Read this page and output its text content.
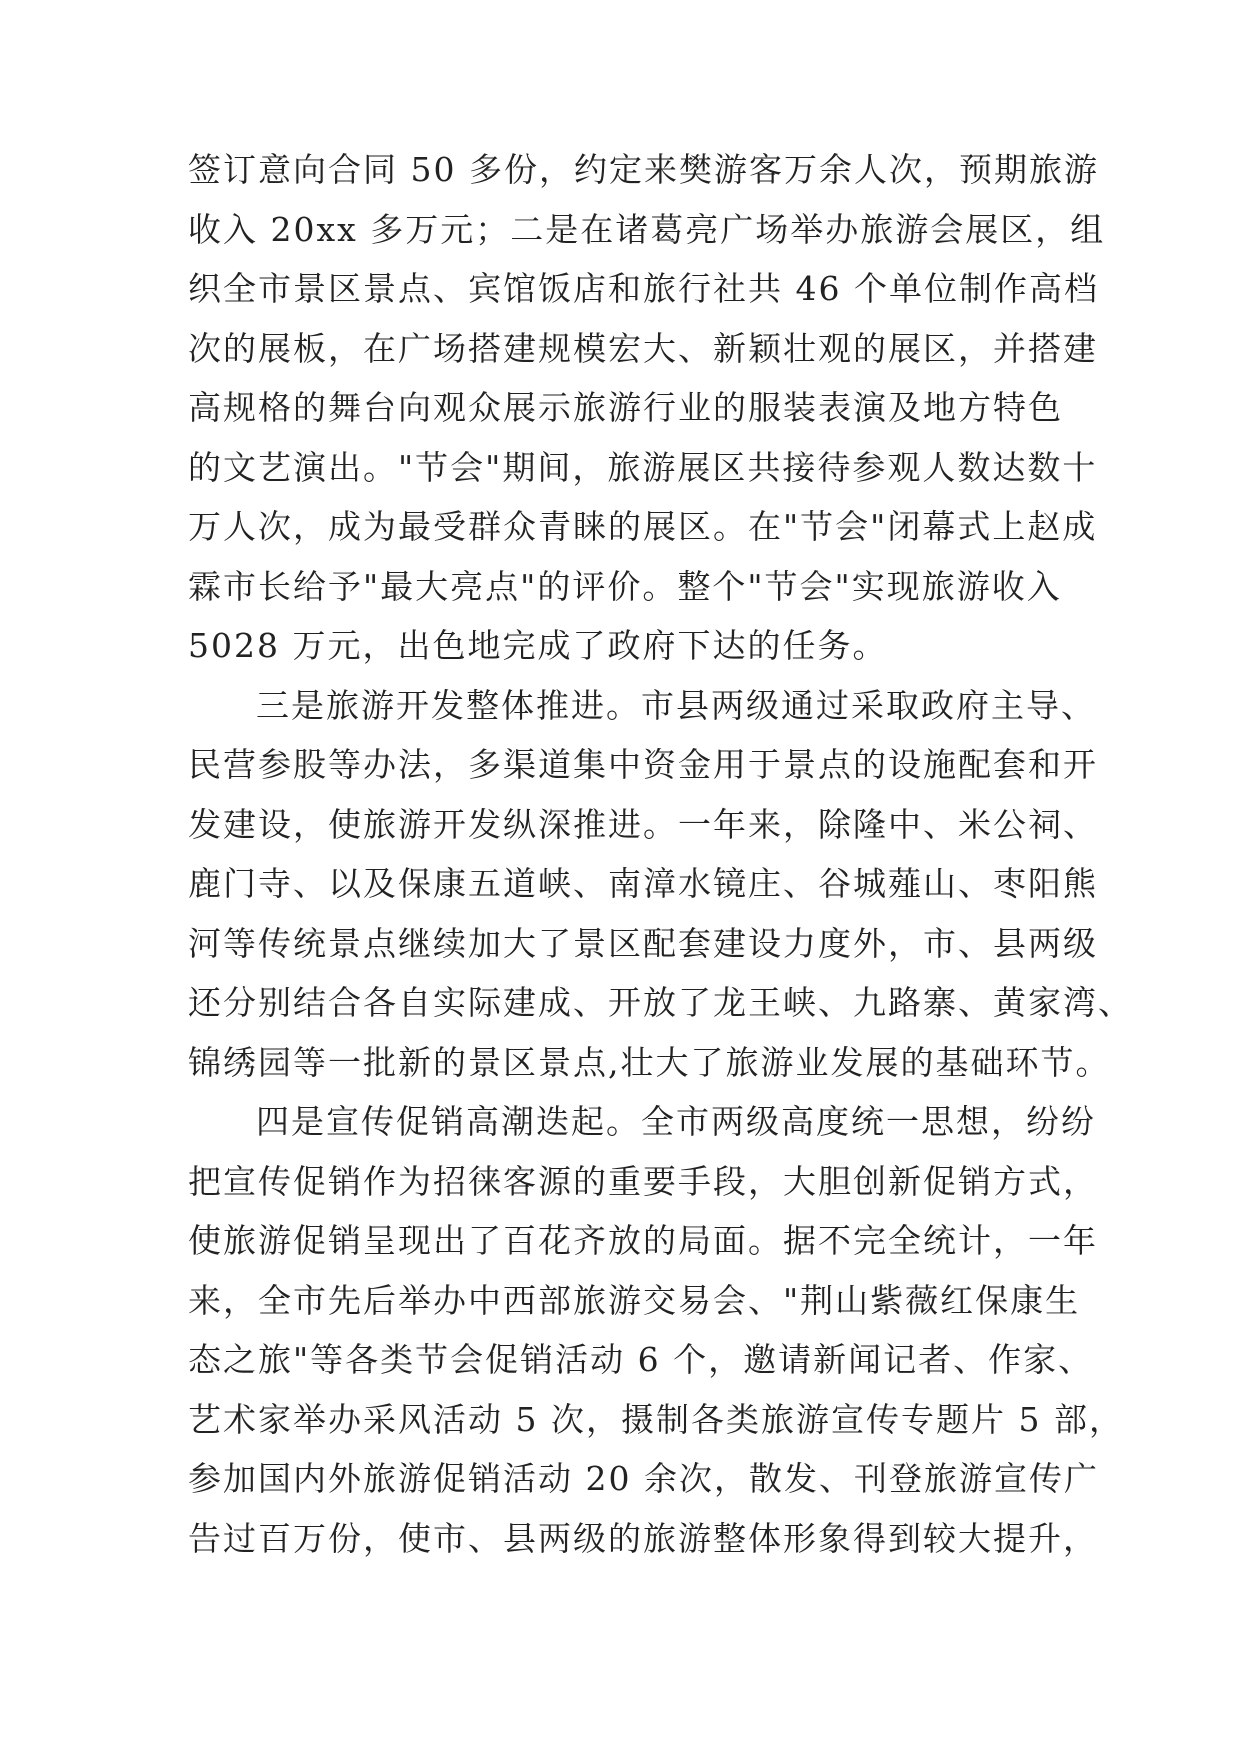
签订意向合同 50 多份，约定来樊游客万余人次，预期旅游
收入 20xx 多万元；二是在诸葛亮广场举办旅游会展区，组
织全市景区景点、宾馆饭店和旅行社共 46 个单位制作高档
次的展板，在广场搭建规模宏大、新颖壮观的展区，并搭建
高规格的舞台向观众展示旅游行业的服装表演及地方特色
的文艺演出。"节会"期间，旅游展区共接待参观人数达数十
万人次，成为最受群众青睐的展区。在"节会"闭幕式上赵成
霖市长给予"最大亮点"的评价。整个"节会"实现旅游收入
5028 万元，出色地完成了政府下达的任务。
三是旅游开发整体推进。市县两级通过采取政府主导、
民营参股等办法，多渠道集中资金用于景点的设施配套和开
发建设，使旅游开发纵深推进。一年来，除隆中、米公祠、
鹿门寺、以及保康五道峡、南漳水镜庄、谷城薤山、枣阳熊
河等传统景点继续加大了景区配套建设力度外，市、县两级
还分别结合各自实际建成、开放了龙王峡、九路寨、黄家湾、
锦绣园等一批新的景区景点,壮大了旅游业发展的基础环节。
四是宣传促销高潮迭起。全市两级高度统一思想，纷纷
把宣传促销作为招徕客源的重要手段，大胆创新促销方式，
使旅游促销呈现出了百花齐放的局面。据不完全统计，一年
来，全市先后举办中西部旅游交易会、"荆山紫薇红保康生
态之旅"等各类节会促销活动 6 个，邀请新闻记者、作家、
艺术家举办采风活动 5 次，摄制各类旅游宣传专题片 5 部，
参加国内外旅游促销活动 20 余次，散发、刊登旅游宣传广
告过百万份，使市、县两级的旅游整体形象得到较大提升，
